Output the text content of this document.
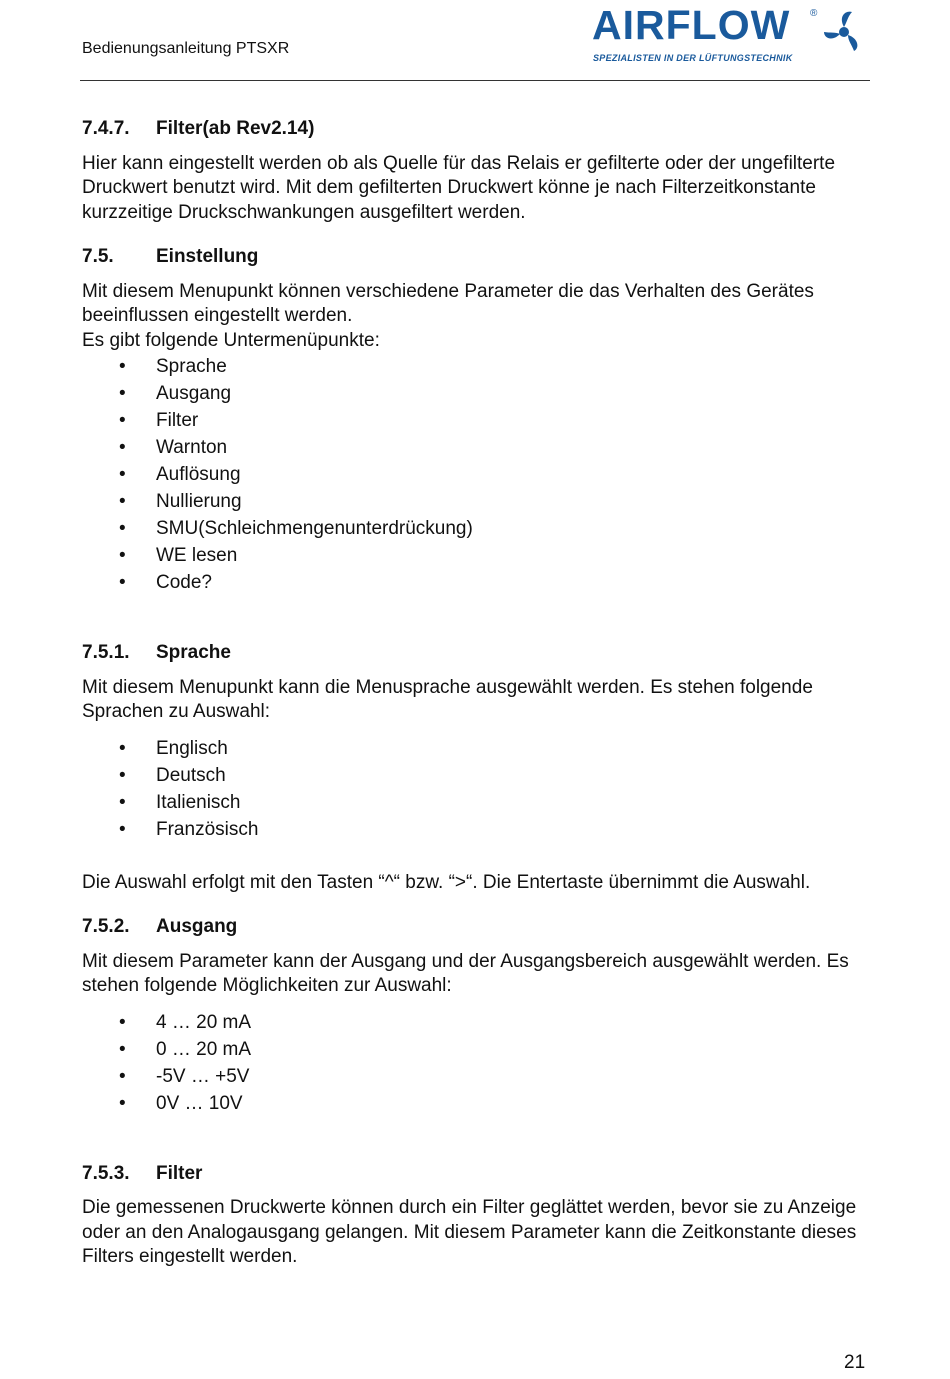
Bedienungsanleitung PTSXR
AIRFLOW ®
SPEZIALISTEN IN DER LÜFTUNGSTECHNIK
7.4.7.	Filter(ab Rev2.14)

Hier kann eingestellt werden ob als Quelle für das Relais er gefilterte oder der ungefilterte Druckwert benutzt wird. Mit dem gefilterten Druckwert könne je nach Filterzeitkonstante kurzzeitige Druckschwankungen ausgefiltert werden.

7.5.	Einstellung

Mit diesem Menupunkt können verschiedene Parameter die das Verhalten des Gerätes beeinflussen eingestellt werden.

Es gibt folgende Untermenüpunkte:

• Sprache
• Ausgang
• Filter
• Warnton
• Auflösung
• Nullierung
• SMU(Schleichmengenunterdrückung)
• WE lesen
• Code?
7.5.1.	Sprache

Mit diesem Menupunkt kann die Menusprache ausgewählt werden. Es stehen folgende Sprachen zu Auswahl:

• Englisch
• Deutsch
• Italienisch
• Französisch

Die Auswahl erfolgt mit den Tasten “^“ bzw. “>“. Die Entertaste übernimmt die Auswahl.

7.5.2.	Ausgang

Mit diesem Parameter kann der Ausgang und der Ausgangsbereich ausgewählt werden. Es stehen folgende Möglichkeiten zur Auswahl:

• 4 … 20 mA
• 0 … 20 mA
• -5V … +5V
• 0V … 10V
7.5.3.	Filter

Die gemessenen Druckwerte können durch ein Filter geglättet werden, bevor sie zu Anzeige oder an den Analogausgang gelangen. Mit diesem Parameter kann die Zeitkonstante dieses Filters eingestellt werden.

21
